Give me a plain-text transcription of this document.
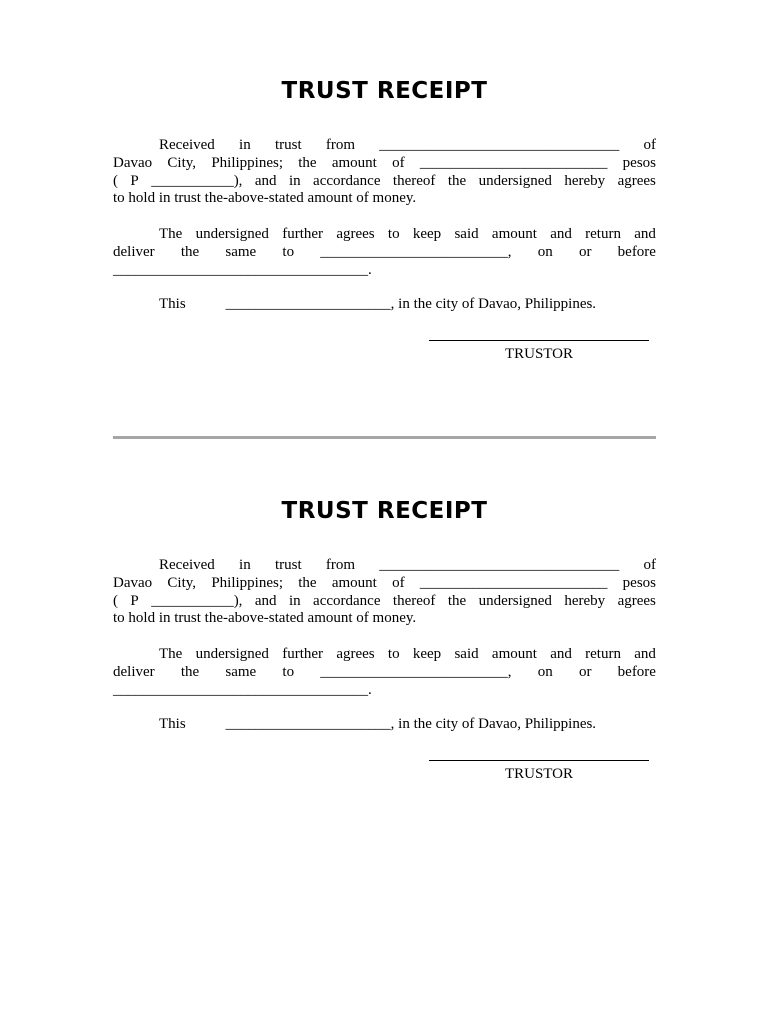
TRUST RECEIPT
Received in trust from ________________________________ of
Davao City, Philippines; the amount of _________________________ pesos
( P ___________), and in accordance thereof the undersigned hereby agrees
to hold in trust the-above-stated amount of money.
The undersigned further agrees to keep said amount and return and
deliver the same to _________________________, on or before
__________________________________.
This	______________________, in the city of Davao, Philippines.
TRUSTOR
TRUST RECEIPT
Received in trust from ________________________________ of
Davao City, Philippines; the amount of _________________________ pesos
( P ___________), and in accordance thereof the undersigned hereby agrees
to hold in trust the-above-stated amount of money.
The undersigned further agrees to keep said amount and return and
deliver the same to _________________________, on or before
__________________________________.
This	______________________, in the city of Davao, Philippines.
TRUSTOR
